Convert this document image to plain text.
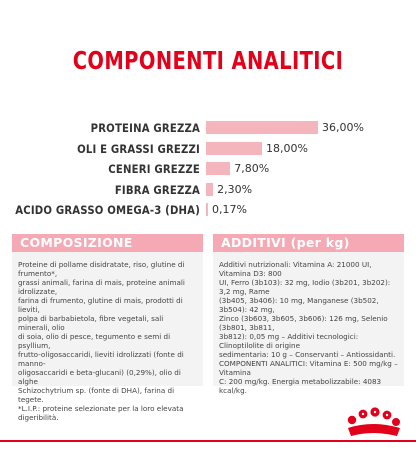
COMPONENTI ANALITICI
PROTEINA GREZZA	36,00%
OLI E GRASSI GREZZI	18,00%
CENERI GREZZE	7,80%
FIBRA GREZZA 2,30%
ACIDO GRASSO OMEGA-3 (DHA) 0,17%
COMPOSIZIONE
Proteine di pollame disidratate, riso, glutine di frumento*,
grassi animali, farina di mais, proteine animali idrolizzate,
farina di frumento, glutine di mais, prodotti di lieviti,
polpa di barbabietola, fibre vegetali, sali minerali, olio
di soia, olio di pesce, tegumento e semi di psyllium,
frutto-oligosaccaridi, lieviti idrolizzati (fonte di manno-
oligosaccaridi e beta-glucani) (0,29%), olio di alghe
Schizochytrium sp. (fonte di DHA), farina di tegete.
*L.I.P.: proteine selezionate per la loro elevata digeribilità.
ADDITIVI (per kg)
Additivi nutrizionali: Vitamina A: 21000 UI, Vitamina D3: 800
UI, Ferro (3b103): 32 mg, Iodio (3b201, 3b202): 3,2 mg, Rame
(3b405, 3b406): 10 mg, Manganese (3b502, 3b504): 42 mg,
Zinco (3b603, 3b605, 3b606): 126 mg, Selenio (3b801, 3b811,
3b812): 0,05 mg – Additivi tecnologici: Clinoptilolite di origine
sedimentaria: 10 g – Conservanti – Antiossidanti.
COMPONENTI ANALITICI: Vitamina E: 500 mg/kg – Vitamina
C: 200 mg/kg. Energia metabolizzabile: 4083 kcal/kg.
